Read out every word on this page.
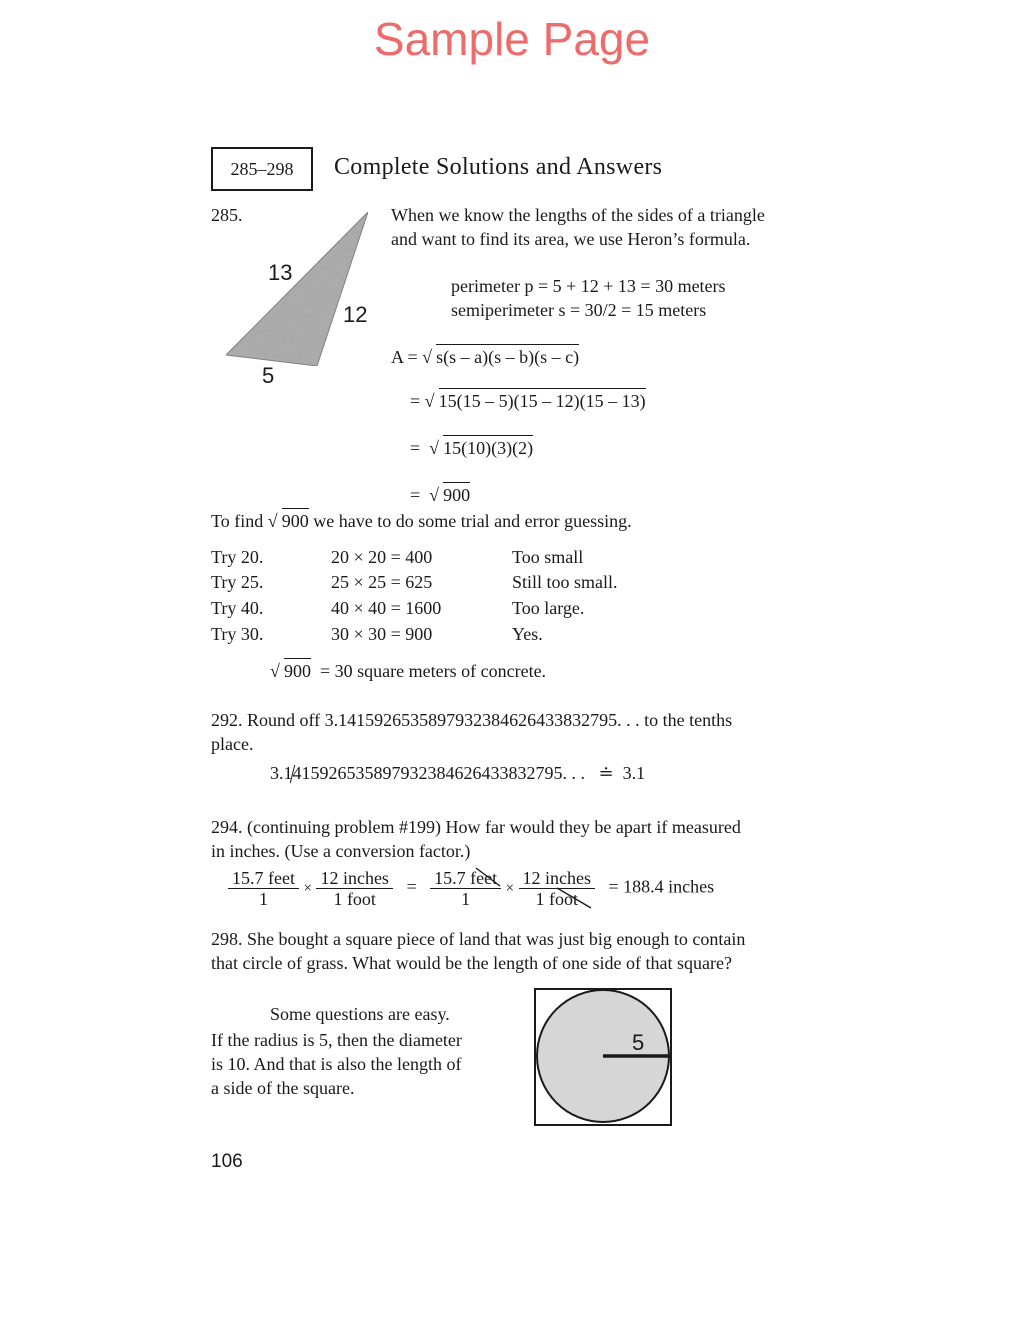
Sample Page
285–298	Complete Solutions and Answers
285.
13
12
5
When we know the lengths of the sides of a triangle
and want to find its area, we use Heron’s formula.
perimeter p = 5 + 12 + 13 = 30 meters
semiperimeter s = 30/2 = 15 meters
A = √ s(s – a)(s – b)(s – c)
= √ 15(15 – 5)(15 – 12)(15 – 13)
= √ 15(10)(3)(2)
= √ 900
To find √ 900 we have to do some trial and error guessing.
Try 20.	20 × 20 = 400	Too small
Try 25.	25 × 25 = 625	Still too small.
Try 40.	40 × 40 = 1600	Too large.
Try 30.	30 × 30 = 900	Yes.
√ 900 = 30 square meters of concrete.
292. Round off 3.14159265358979323846264338327​95. . . to the tenths
place.
3.14
1592653589793238462643383279​5. . . ≐ 3.1
294. (continuing problem #199) How far would they be apart if measured
in inches. (Use a conversion factor.)
$\frac{\text{15.7 feet}}{1} \times \frac{\text{12 inches}}{\text{1 foot}} = \frac{\text{15.7 feet}}{1} \times \frac{\text{12 inches}}{\text{1 foot}} = 188.4$ inches
298. She bought a square piece of land that was just big enough to contain
that circle of grass. What would be the length of one side of that square?
Some questions are easy.
If the radius is 5, then the diameter
is 10. And that is also the length of
a side of the square.
5
106
